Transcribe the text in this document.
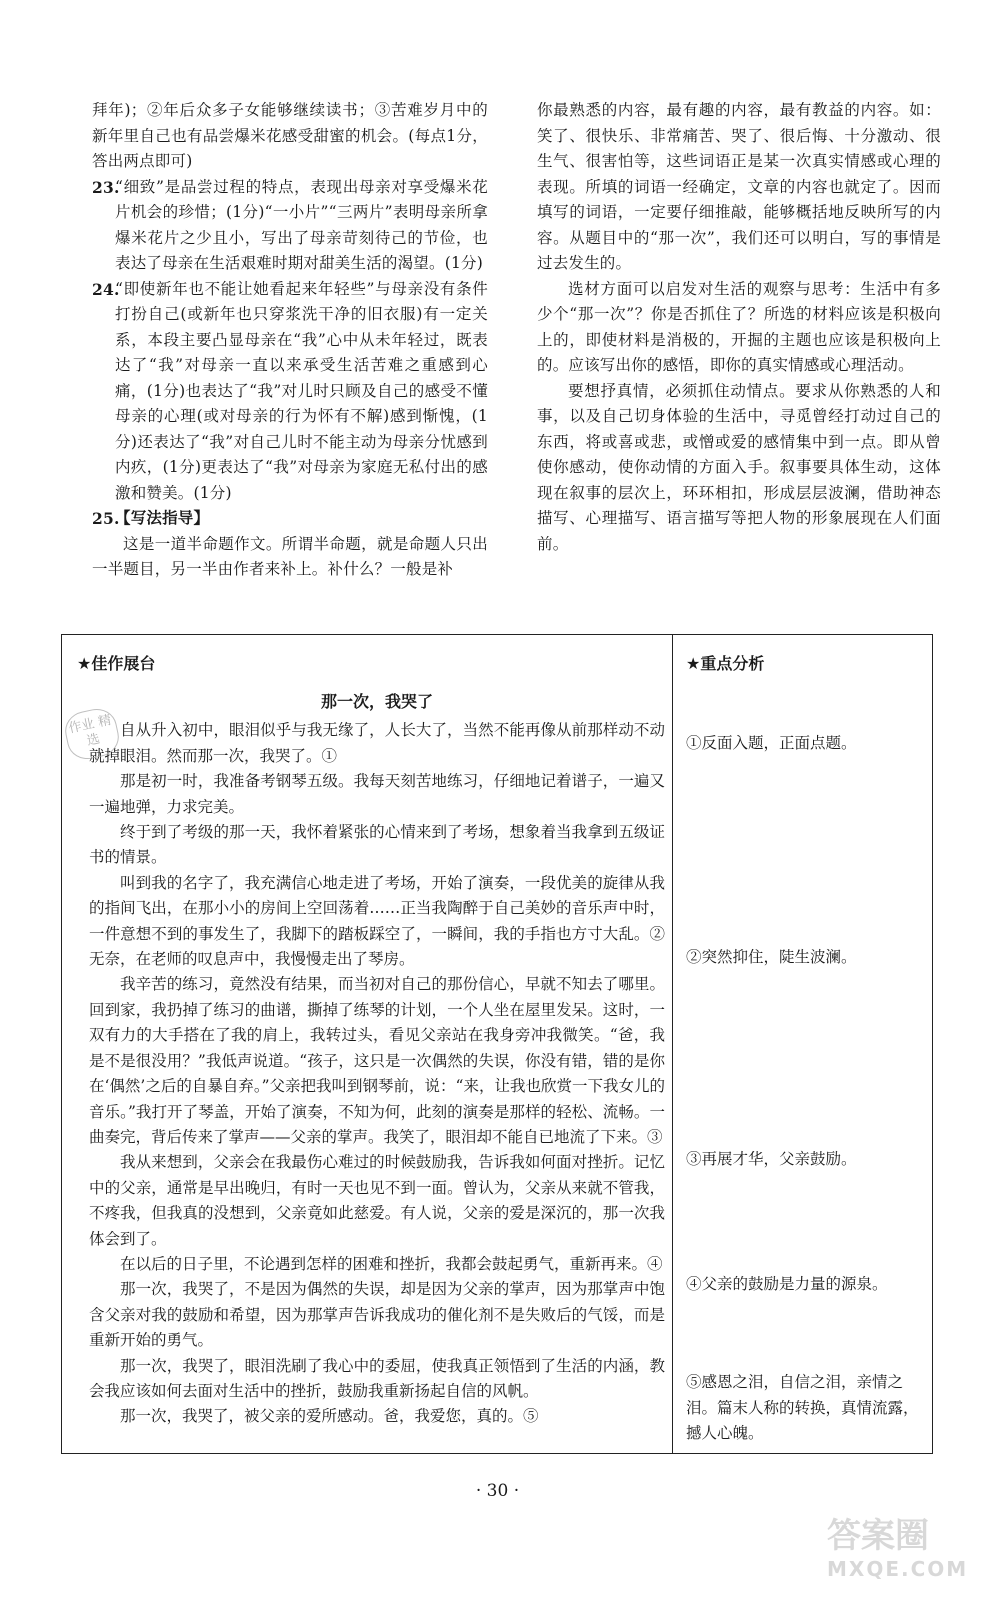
拜年)；②年后众多子女能够继续读书；③苦难岁月中的新年里自己也有品尝爆米花感受甜蜜的机会。(每点1分，答出两点即可)

23.
“细致”是品尝过程的特点，表现出母亲对享受爆米花片机会的珍惜；(1分)“一小片”“三两片”表明母亲所拿爆米花片之少且小，写出了母亲苛刻待己的节俭，也表达了母亲在生活艰难时期对甜美生活的渴望。(1分)

24.
“即使新年也不能让她看起来年轻些”与母亲没有条件打扮自己(或新年也只穿浆洗干净的旧衣服)有一定关系，本段主要凸显母亲在“我”心中从未年轻过，既表达了“我”对母亲一直以来承受生活苦难之重感到心痛，(1分)也表达了“我”对儿时只顾及自己的感受不懂母亲的心理(或对母亲的行为怀有不解)感到惭愧，(1分)还表达了“我”对自己儿时不能主动为母亲分忧感到内疚，(1分)更表达了“我”对母亲为家庭无私付出的感激和赞美。(1分)

25.
【写法指导】

这是一道半命题作文。所谓半命题，就是命题人只出一半题目，另一半由作者来补上。补什么？一般是补

你最熟悉的内容，最有趣的内容，最有教益的内容。如：笑了、很快乐、非常痛苦、哭了、很后悔、十分激动、很生气、很害怕等，这些词语正是某一次真实情感或心理的表现。所填的词语一经确定，文章的内容也就定了。因而填写的词语，一定要仔细推敲，能够概括地反映所写的内容。从题目中的“那一次”，我们还可以明白，写的事情是过去发生的。

选材方面可以启发对生活的观察与思考：生活中有多少个“那一次”？你是否抓住了？所选的材料应该是积极向上的，即使材料是消极的，开掘的主题也应该是积极向上的。应该写出你的感悟，即你的真实情感或心理活动。

要想抒真情，必须抓住动情点。要求从你熟悉的人和事，以及自己切身体验的生活中，寻觅曾经打动过自己的东西，将或喜或悲，或憎或爱的感情集中到一点。即从曾使你感动，使你动情的方面入手。叙事要具体生动，这体现在叙事的层次上，环环相扣，形成层层波澜，借助神态描写、心理描写、语言描写等把人物的形象展现在人们面前。

★佳作展台	★重点分析
那一次，我哭了

自从升入初中，眼泪似乎与我无缘了，人长大了，当然不能再像从前那样动不动就掉眼泪。然而那一次，我哭了。①

那是初一时，我准备考钢琴五级。我每天刻苦地练习，仔细地记着谱子，一遍又一遍地弹，力求完美。

终于到了考级的那一天，我怀着紧张的心情来到了考场，想象着当我拿到五级证书的情景。

叫到我的名字了，我充满信心地走进了考场，开始了演奏，一段优美的旋律从我的指间飞出，在那小小的房间上空回荡着……正当我陶醉于自己美妙的音乐声中时，一件意想不到的事发生了，我脚下的踏板踩空了，一瞬间，我的手指也方寸大乱。②无奈，在老师的叹息声中，我慢慢走出了琴房。

我辛苦的练习，竟然没有结果，而当初对自己的那份信心，早就不知去了哪里。回到家，我扔掉了练习的曲谱，撕掉了练琴的计划，一个人坐在屋里发呆。这时，一双有力的大手搭在了我的肩上，我转过头，看见父亲站在我身旁冲我微笑。“爸，我是不是很没用？”我低声说道。“孩子，这只是一次偶然的失误，你没有错，错的是你在‘偶然’之后的自暴自弃。”父亲把我叫到钢琴前，说：“来，让我也欣赏一下我女儿的音乐。”我打开了琴盖，开始了演奏，不知为何，此刻的演奏是那样的轻松、流畅。一曲奏完，背后传来了掌声——父亲的掌声。我笑了，眼泪却不能自已地流了下来。③

我从来想到，父亲会在我最伤心难过的时候鼓励我，告诉我如何面对挫折。记忆中的父亲，通常是早出晚归，有时一天也见不到一面。曾认为，父亲从来就不管我，不疼我，但我真的没想到，父亲竟如此慈爱。有人说，父亲的爱是深沉的，那一次我体会到了。

在以后的日子里，不论遇到怎样的困难和挫折，我都会鼓起勇气，重新再来。④

那一次，我哭了，不是因为偶然的失误，却是因为父亲的掌声，因为那掌声中饱含父亲对我的鼓励和希望，因为那掌声告诉我成功的催化剂不是失败后的气馁，而是重新开始的勇气。

那一次，我哭了，眼泪洗刷了我心中的委屈，使我真正领悟到了生活的内涵，教会我应该如何去面对生活中的挫折，鼓励我重新扬起自信的风帆。

那一次，我哭了，被父亲的爱所感动。爸，我爱您，真的。⑤

①反面入题，正面点题。
②突然抑住，陡生波澜。
③再展才华，父亲鼓励。
④父亲的鼓励是力量的源泉。
⑤感恩之泪，自信之泪，亲情之泪。篇末人称的转换，真情流露，撼人心魄。
作业 精选
· 30 ·
答案圈
MXQE.COM
